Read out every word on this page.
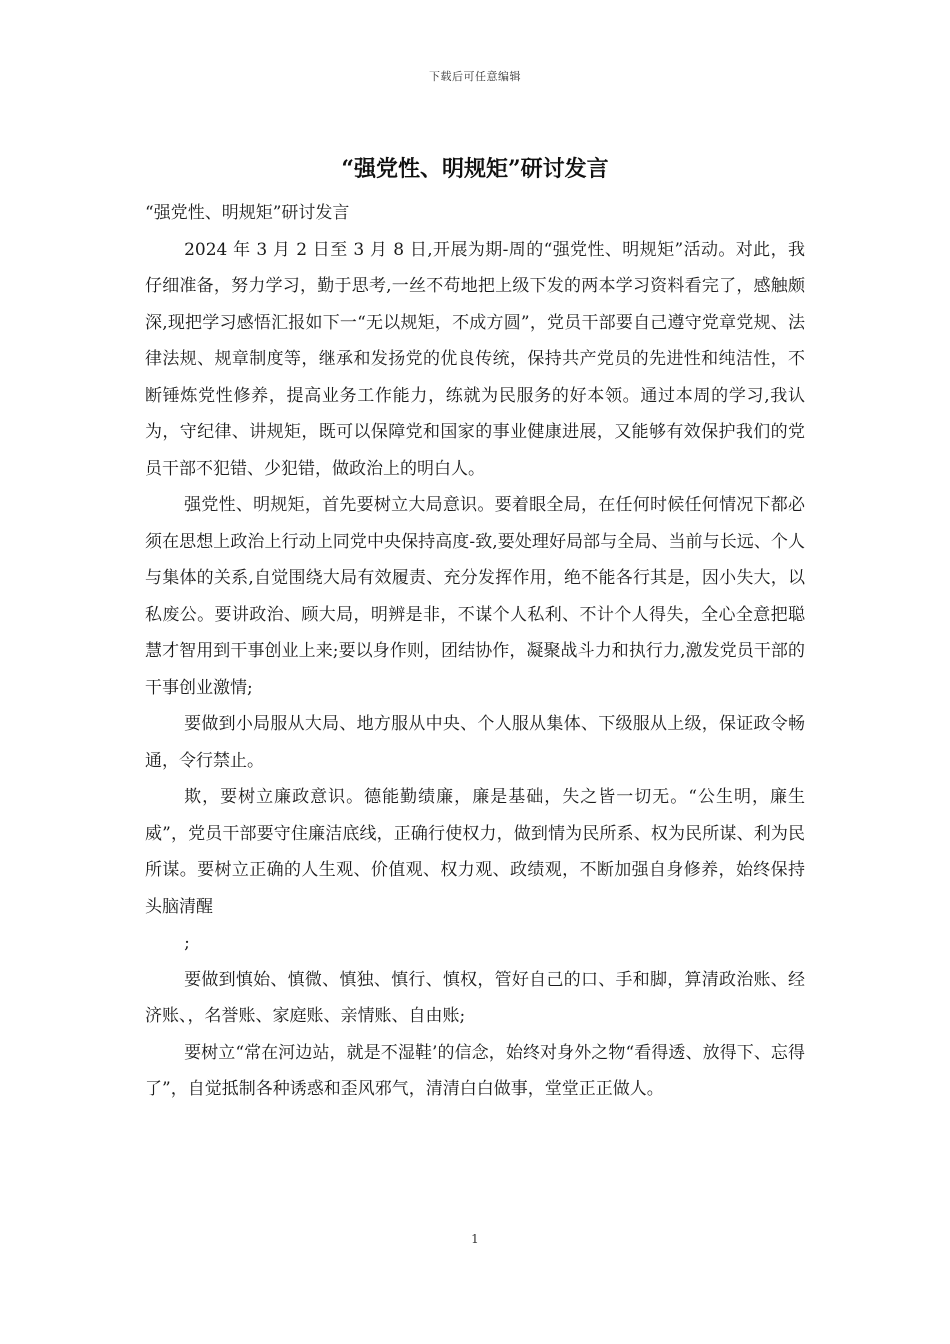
下载后可任意编辑
“强党性、明规矩”研讨发言

“强党性、明规矩”研讨发言

2024 年 3 月 2 日至 3 月 8 日,开展为期-周的“强党性、明规矩”活动。对此，我仔细准备，努力学习，勤于思考,一丝不苟地把上级下发的两本学习资料看完了，感触颇深,现把学习感悟汇报如下一“无以规矩，不成方圆”，党员干部要自己遵守党章党规、法律法规、规章制度等，继承和发扬党的优良传统，保持共产党员的先进性和纯洁性，不断锤炼党性修养，提高业务工作能力，练就为民服务的好本领。通过本周的学习,我认为，守纪律、讲规矩，既可以保障党和国家的事业健康进展，又能够有效保护我们的党员干部不犯错、少犯错，做政治上的明白人。

强党性、明规矩，首先要树立大局意识。要着眼全局，在任何时候任何情况下都必须在思想上政治上行动上同党中央保持高度-致,要处理好局部与全局、当前与长远、个人与集体的关系,自觉围绕大局有效履责、充分发挥作用，绝不能各行其是，因小失大，以私废公。要讲政治、顾大局，明辨是非，不谋个人私利、不计个人得失，全心全意把聪慧才智用到干事创业上来;要以身作则，团结协作，凝聚战斗力和执行力,激发党员干部的干事创业激情;

要做到小局服从大局、地方服从中央、个人服从集体、下级服从上级，保证政令畅通，令行禁止。

欺，要树立廉政意识。德能勤绩廉，廉是基础，失之皆一切无。“公生明，廉生威”，党员干部要守住廉洁底线，正确行使权力，做到情为民所系、权为民所谋、利为民所谋。要树立正确的人生观、价值观、权力观、政绩观，不断加强自身修养，始终保持头脑清醒

;

要做到慎始、慎微、慎独、慎行、慎权，管好自己的口、手和脚，算清政治账、经济账、，名誉账、家庭账、亲情账、自由账;

要树立“常在河边站，就是不湿鞋’的信念，始终对身外之物“看得透、放得下、忘得了”，自觉抵制各种诱惑和歪风邪气，清清白白做事，堂堂正正做人。

1
